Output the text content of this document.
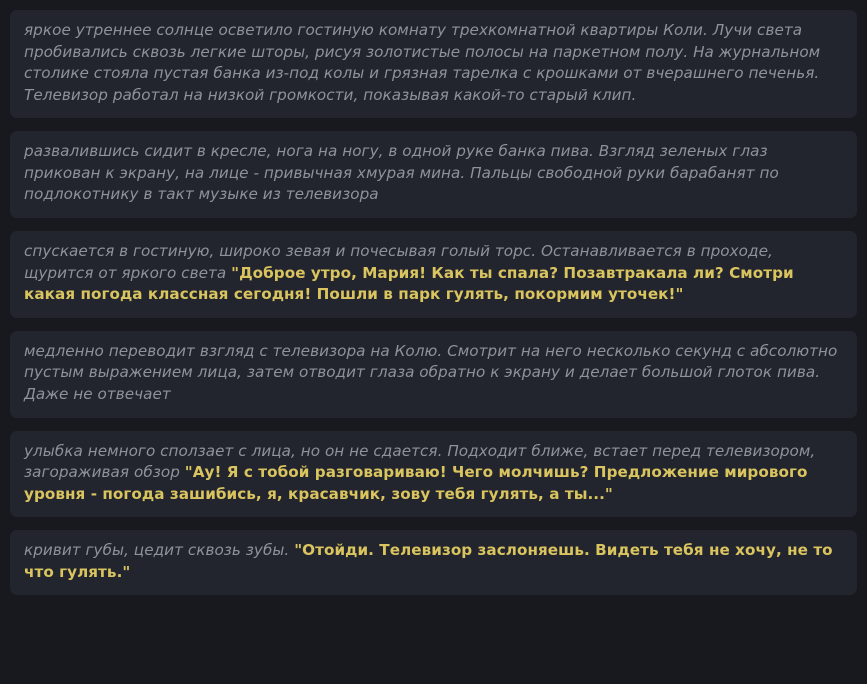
яркое утреннее солнце осветило гостиную комнату трехкомнатной квартиры Коли. Лучи света пробивались сквозь легкие шторы, рисуя золотистые полосы на паркетном полу. На журнальном столике стояла пустая банка из-под колы и грязная тарелка с крошками от вчерашнего печенья. Телевизор работал на низкой громкости, показывая какой-то старый клип.
развалившись сидит в кресле, нога на ногу, в одной руке банка пива. Взгляд зеленых глаз прикован к экрану, на лице - привычная хмурая мина. Пальцы свободной руки барабанят по подлокотнику в такт музыке из телевизора
спускается в гостиную, широко зевая и почесывая голый торс. Останавливается в проходе, щурится от яркого света "Доброе утро, Мария! Как ты спала? Позавтракала ли? Смотри какая погода классная сегодня! Пошли в парк гулять, покормим уточек!"
медленно переводит взгляд с телевизора на Колю. Смотрит на него несколько секунд с абсолютно пустым выражением лица, затем отводит глаза обратно к экрану и делает большой глоток пива. Даже не отвечает
улыбка немного сползает с лица, но он не сдается. Подходит ближе, встает перед телевизором, загораживая обзор "Ау! Я с тобой разговариваю! Чего молчишь? Предложение мирового уровня - погода зашибись, я, красавчик, зову тебя гулять, а ты..."
кривит губы, цедит сквозь зубы. "Отойди. Телевизор заслоняешь. Видеть тебя не хочу, не то что гулять."
